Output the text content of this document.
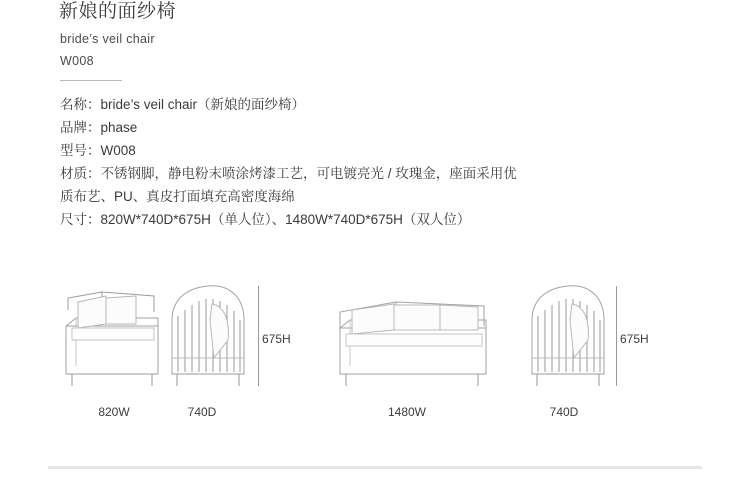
新娘的面纱椅
bride’s veil chair
W008
名称：bride’s veil chair（新娘的面纱椅）
品牌：phase
型号：W008
材质：不锈钢脚，静电粉末喷涂烤漆工艺，可电镀亮光 / 玫瑰金，座面采用优质布艺、PU、真皮打面填充高密度海绵
尺寸：820W*740D*675H（单人位）、1480W*740D*675H（双人位）
675H	675H
820W	740D	1480W	740D
